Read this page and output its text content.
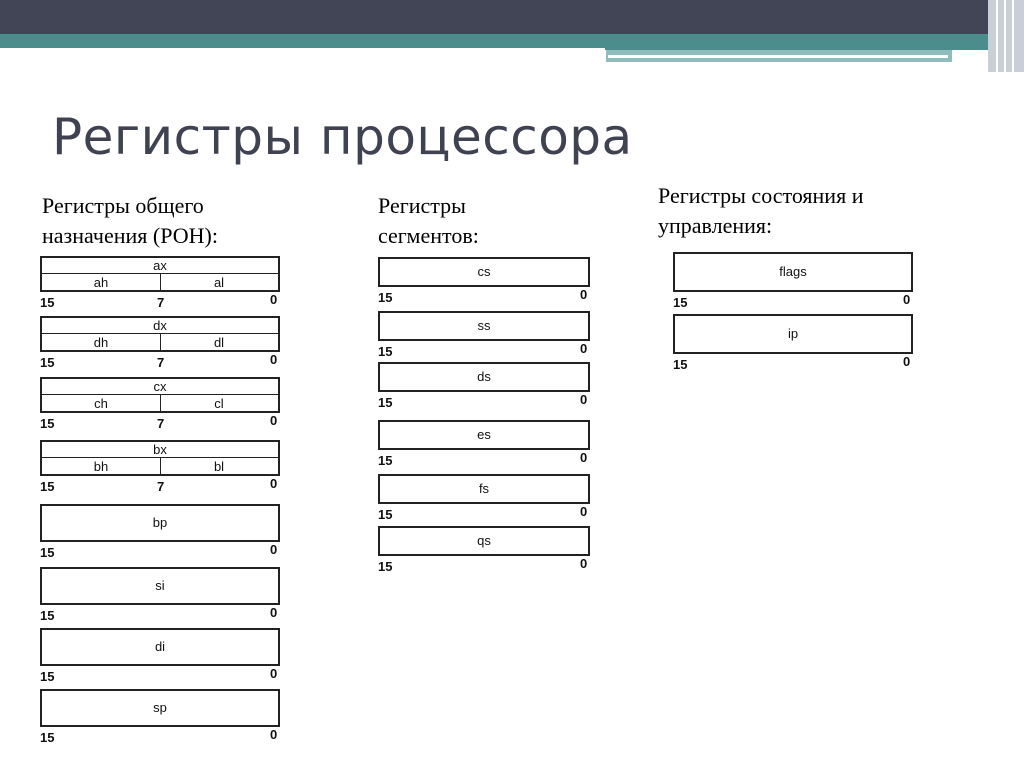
Регистры процессора
Регистры общего назначения (РОН):
Регистры сегментов:
Регистры состояния и управления:
ax
ah	al
15	0
7
dx
dh	dl
15	0
7
cx
ch	cl
15	0
7
bx
bh	bl
15	0
7
bp
15	0
si
15	0
di
15	0
sp
15	0
cs
15	0
ss
15	0
ds
15	0
es
15	0
fs
15	0
qs
15	0
flags
15	0
ip
15	0
